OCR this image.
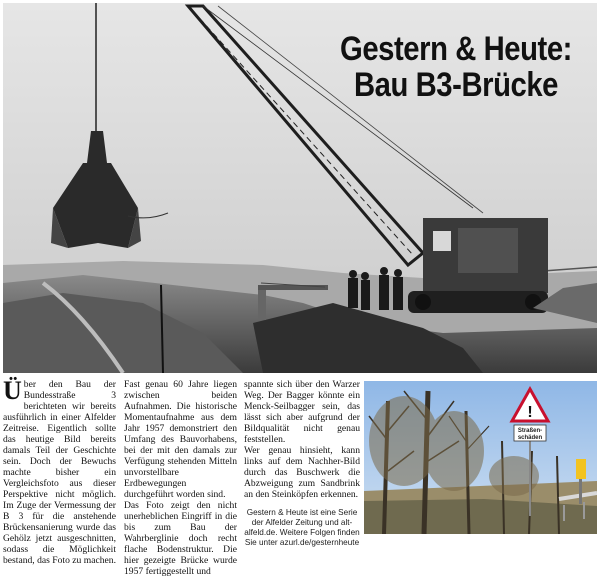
Gestern & Heute:
Bau B3-Brücke

Über den Bau der Bundesstraße 3 berichteten wir bereits ausführlich in einer Alfelder Zeitreise. Eigentlich sollte das heutige Bild bereits damals Teil der Geschichte sein. Doch der Bewuchs machte bisher ein Vergleichsfoto aus dieser Perspektive nicht möglich. Im Zuge der Vermessung der B 3 für die anstehende Brückensanierung wurde das Gehölz jetzt ausgeschnitten, sodass die Möglichkeit bestand, das Foto zu machen.

Fast genau 60 Jahre liegen zwischen beiden Aufnahmen. Die historische Momentaufnahme aus dem Jahr 1957 demonstriert den Umfang des Bauvorhabens, bei der mit den damals zur Verfügung stehenden Mitteln unvorstellbare Erdbewegungen durchgeführt worden sind.

Das Foto zeigt den nicht unerheblichen Eingriff in die bis zum Bau der Wahrberglinie doch recht flache Bodenstruktur. Die hier gezeigte Brücke wurde 1957 fertiggestellt und

spannte sich über den Warzer Weg. Der Bagger könnte ein Menck-Seilbagger sein, das lässt sich aber aufgrund der Bildqualität nicht genau feststellen.

Wer genau hinsieht, kann links auf dem Nachher-Bild durch das Buschwerk die Abzweigung zum Sandbrink an den Steinköpfen erkennen.

Gestern & Heute ist eine Serie der Alfelder Zeitung und alt-alfeld.de. Weitere Folgen finden Sie unter azurl.de/gesternheute

!
Straßen-
schäden
